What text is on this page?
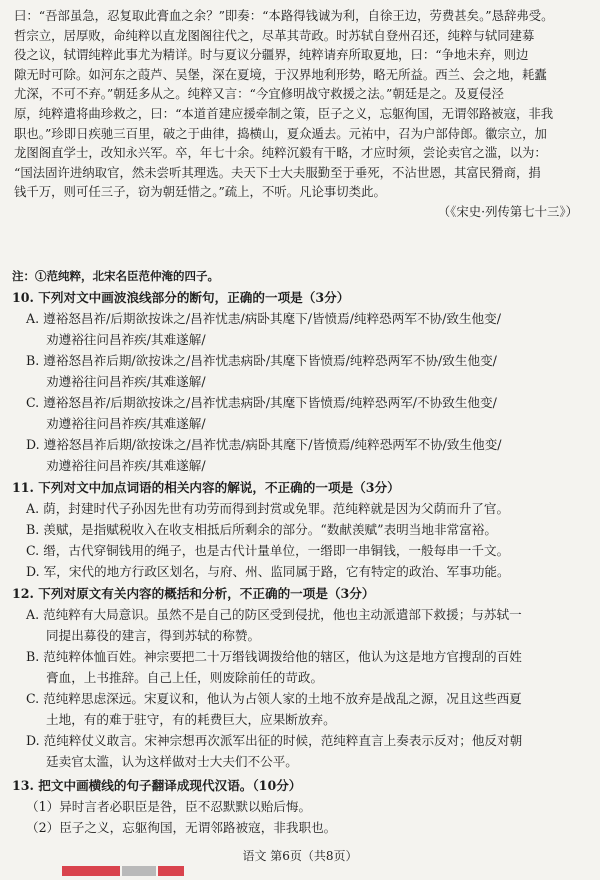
曰：“吾部虽急，忍复取此膏血之余？”即奏：“本路得钱诚为利，自徐王边，劳费甚矣。”恳辞弗受。

哲宗立，居厚败，命纯粹以直龙图阁往代之，尽革其苛政。时苏轼自登州召还，纯粹与轼同建募

役之议，轼谓纯粹此事尤为精详。时与夏议分疆界，纯粹请弃所取夏地，曰：“争地未弃，则边

隙无时可除。如河东之葭芦、吴堡，深在夏境，于汉界地利形势，略无所益。西兰、会之地，耗蠹

尤深，不可不弃。”朝廷多从之。纯粹又言：“今宜修明战守救援之法。”朝廷是之。及夏侵泾

原，纯粹遣将曲珍救之，曰：“本道首建应援牵制之策，臣子之义，忘躯徇国，无谓邻路被寇，非我

职也。”珍即日疾驰三百里，破之于曲律，捣横山，夏众遁去。元祐中，召为户部侍郎。徽宗立，加

龙图阁直学士，改知永兴军。卒，年七十余。纯粹沉毅有干略，才应时须，尝论卖官之滥，以为：

“国法固许进纳取官，然未尝听其理选。夫天下士大夫服勤至于垂死，不沾世恩，其富民猾商，捐

钱千万，则可任三子，窃为朝廷惜之。”疏上，不听。凡论事切类此。

（《宋史·列传第七十三》）

注：①范纯粹，北宋名臣范仲淹的四子。
10. 下列对文中画波浪线部分的断句，正确的一项是（3分）
A. 遵裕怒昌祚/后期欲按诛之/昌祚忧恚/病卧其麾下/皆愤焉/纯粹恐两军不协/致生他变/
劝遵裕往问昌祚疾/其难遂解/
B. 遵裕怒昌祚后期/欲按诛之/昌祚忧恚病卧/其麾下皆愤焉/纯粹恐两军不协/致生他变/
劝遵裕往问昌祚疾/其难遂解/
C. 遵裕怒昌祚/后期欲按诛之/昌祚忧恚病卧/其麾下皆愤焉/纯粹恐两军/不协致生他变/
劝遵裕往问昌祚疾/其难遂解/
D. 遵裕怒昌祚后期/欲按诛之/昌祚忧恚/病卧其麾下/皆愤焉/纯粹恐两军不协/致生他变/
劝遵裕往问昌祚疾/其难遂解/
11. 下列对文中加点词语的相关内容的解说，不正确的一项是（3分）
A. 荫，封建时代子孙因先世有功劳而得到封赏或免罪。范纯粹就是因为父荫而升了官。
B. 羡赋，是指赋税收入在收支相抵后所剩余的部分。“数献羡赋”表明当地非常富裕。
C. 缗，古代穿铜钱用的绳子，也是古代计量单位，一缗即一串铜钱，一般每串一千文。
D. 军，宋代的地方行政区划名，与府、州、监同属于路，它有特定的政治、军事功能。
12. 下列对原文有关内容的概括和分析，不正确的一项是（3分）
A. 范纯粹有大局意识。虽然不是自己的防区受到侵扰，他也主动派遣部下救援；与苏轼一
同提出募役的建言，得到苏轼的称赞。
B. 范纯粹体恤百姓。神宗要把二十万缗钱调拨给他的辖区，他认为这是地方官搜刮的百姓
膏血，上书推辞。自己上任，则废除前任的苛政。
C. 范纯粹思虑深远。宋夏议和，他认为占领人家的土地不放弃是战乱之源，况且这些西夏
土地，有的难于驻守，有的耗费巨大，应果断放弃。
D. 范纯粹仗义敢言。宋神宗想再次派军出征的时候，范纯粹直言上奏表示反对；他反对朝
廷卖官太滥，认为这样做对士大夫们不公平。
13. 把文中画横线的句子翻译成现代汉语。（10分）
（1）异时言者必职臣是咎，臣不忍默默以贻后悔。
（2）臣子之义，忘躯徇国，无谓邻路被寇，非我职也。
语文 第6页（共8页）
